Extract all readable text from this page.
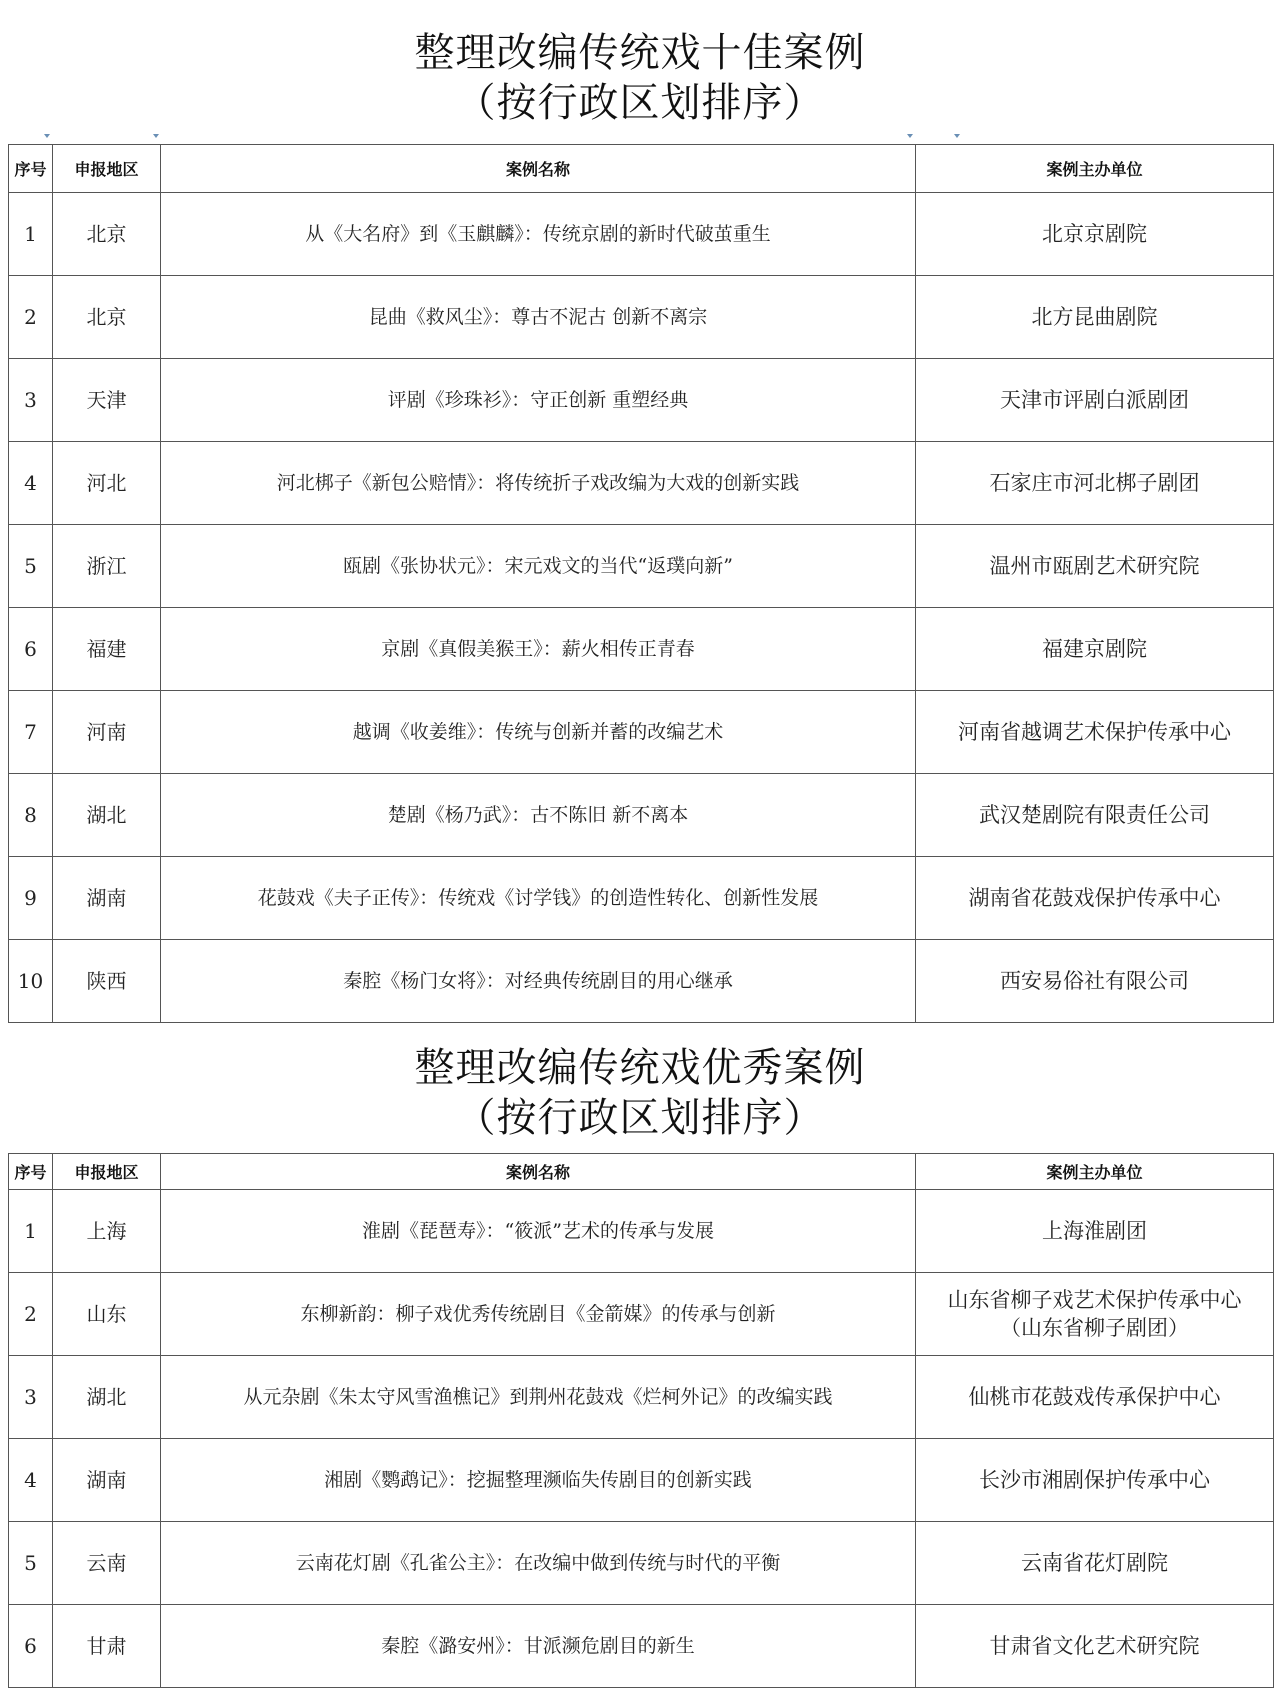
整理改编传统戏十佳案例
（按行政区划排序）
序号	申报地区	案例名称	案例主办单位
1	北京	从《大名府》到《玉麒麟》：传统京剧的新时代破茧重生	北京京剧院

2	北京	昆曲《救风尘》：尊古不泥古 创新不离宗	北方昆曲剧院

3	天津	评剧《珍珠衫》：守正创新 重塑经典	天津市评剧白派剧团

4	河北	河北梆子《新包公赔情》：将传统折子戏改编为大戏的创新实践	石家庄市河北梆子剧团

5	浙江	瓯剧《张协状元》：宋元戏文的当代“返璞向新”	温州市瓯剧艺术研究院

6	福建	京剧《真假美猴王》：薪火相传正青春	福建京剧院

7	河南	越调《收姜维》：传统与创新并蓄的改编艺术	河南省越调艺术保护传承中心

8	湖北	楚剧《杨乃武》：古不陈旧 新不离本	武汉楚剧院有限责任公司

9	湖南	花鼓戏《夫子正传》：传统戏《讨学钱》的创造性转化、创新性发展	湖南省花鼓戏保护传承中心

10	陕西	秦腔《杨门女将》：对经典传统剧目的用心继承	西安易俗社有限公司
整理改编传统戏优秀案例
（按行政区划排序）
序号	申报地区	案例名称	案例主办单位
1	上海	淮剧《琵琶寿》：“筱派”艺术的传承与发展	上海淮剧团

2	山东	东柳新韵：柳子戏优秀传统剧目《金箭媒》的传承与创新	山东省柳子戏艺术保护传承中心
（山东省柳子剧团）

3	湖北	从元杂剧《朱太守风雪渔樵记》到荆州花鼓戏《烂柯外记》的改编实践	仙桃市花鼓戏传承保护中心

4	湖南	湘剧《鹦鹉记》：挖掘整理濒临失传剧目的创新实践	长沙市湘剧保护传承中心

5	云南	云南花灯剧《孔雀公主》：在改编中做到传统与时代的平衡	云南省花灯剧院

6	甘肃	秦腔《潞安州》：甘派濒危剧目的新生	甘肃省文化艺术研究院
